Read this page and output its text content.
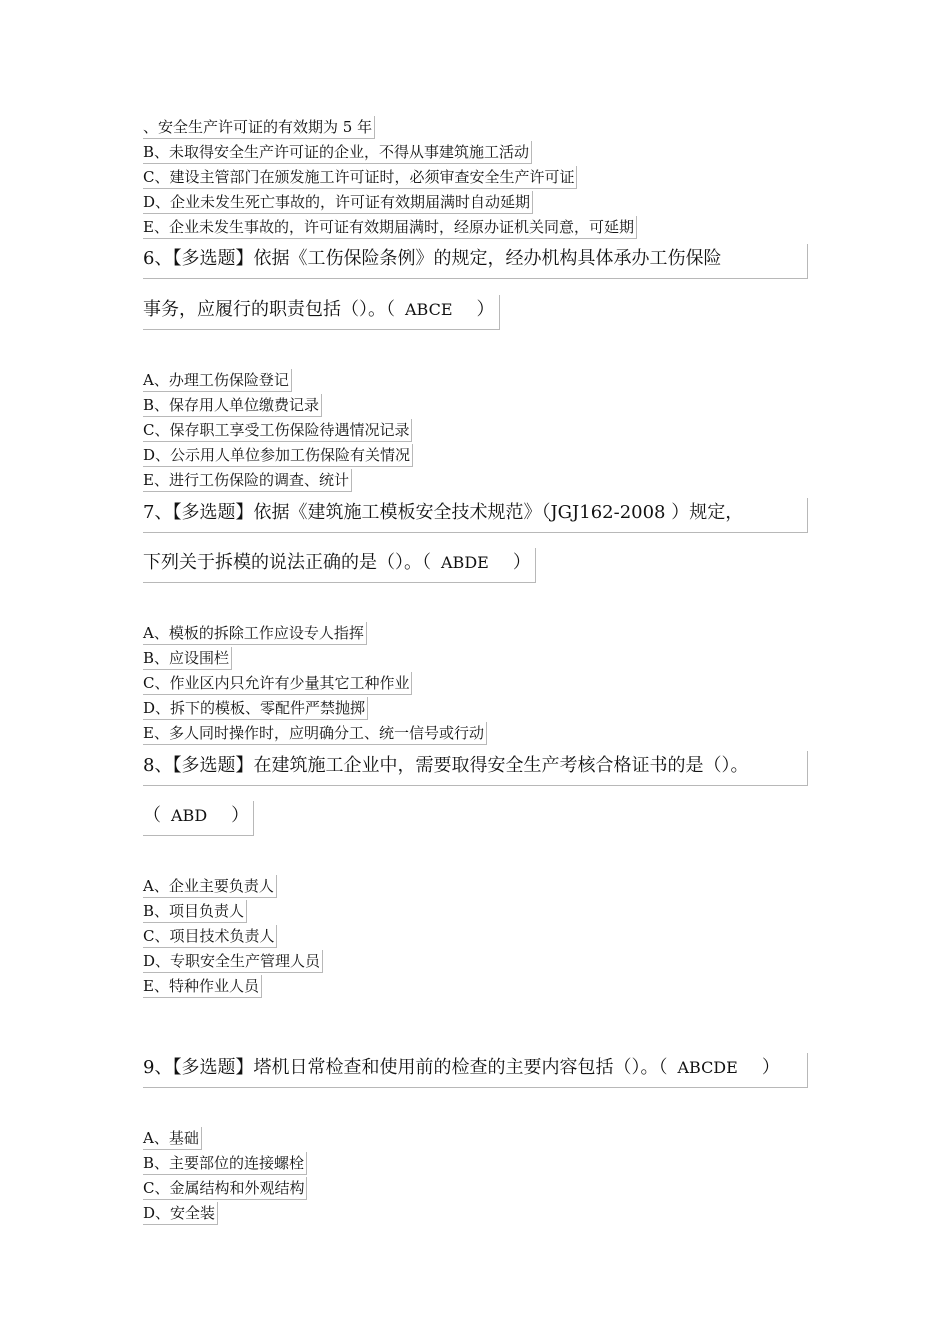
、安全生产许可证的有效期为 5 年
B、未取得安全生产许可证的企业，不得从事建筑施工活动
C、建设主管部门在颁发施工许可证时，必须审查安全生产许可证
D、企业未发生死亡事故的，许可证有效期届满时自动延期
E、企业未发生事故的，许可证有效期届满时，经原办证机关同意，可延期
6、【多选题】依据《工伤保险条例》的规定，经办机构具体承办工伤保险
事务，应履行的职责包括（）。（ ABCE ）
A、办理工伤保险登记
B、保存用人单位缴费记录
C、保存职工享受工伤保险待遇情况记录
D、公示用人单位参加工伤保险有关情况
E、进行工伤保险的调查、统计
7、【多选题】依据《建筑施工模板安全技术规范》（JGJ162-2008 ）规定，
下列关于拆模的说法正确的是（）。（ ABDE ）
A、模板的拆除工作应设专人指挥
B、应设围栏
C、作业区内只允许有少量其它工种作业
D、拆下的模板、零配件严禁抛掷
E、多人同时操作时，应明确分工、统一信号或行动
8、【多选题】在建筑施工企业中，需要取得安全生产考核合格证书的是（）。
（ ABD ）
A、企业主要负责人
B、项目负责人
C、项目技术负责人
D、专职安全生产管理人员
E、特种作业人员
9、【多选题】塔机日常检查和使用前的检查的主要内容包括（）。（ ABCDE ）
A、基础
B、主要部位的连接螺栓
C、金属结构和外观结构
D、安全装
